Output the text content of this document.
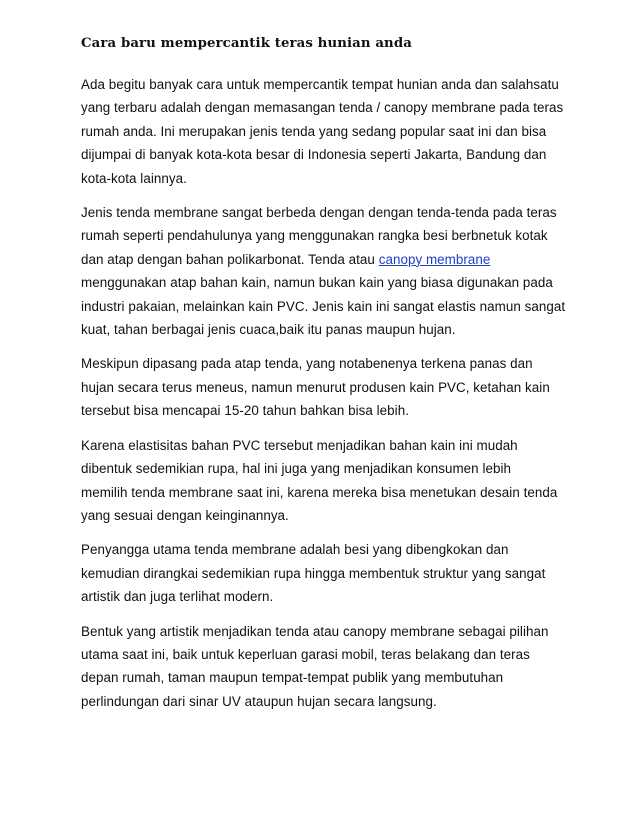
Cara baru mempercantik teras hunian anda
Ada begitu banyak cara untuk mempercantik tempat hunian anda dan salahsatu
yang terbaru adalah dengan memasangan tenda / canopy membrane pada teras
rumah anda. Ini merupakan jenis tenda yang sedang popular saat ini dan bisa
dijumpai di banyak kota-kota besar di Indonesia seperti Jakarta, Bandung dan
kota-kota lainnya.
Jenis tenda membrane sangat berbeda dengan dengan tenda-tenda pada teras
rumah seperti pendahulunya yang menggunakan rangka besi berbnetuk kotak
dan atap dengan bahan polikarbonat. Tenda atau canopy membrane
menggunakan atap bahan kain, namun bukan kain yang biasa digunakan pada
industri pakaian, melainkan kain PVC. Jenis kain ini sangat elastis namun sangat
kuat, tahan berbagai jenis cuaca,baik itu panas maupun hujan.
Meskipun dipasang pada atap tenda, yang notabenenya terkena panas dan
hujan secara terus meneus, namun menurut produsen kain PVC, ketahan kain
tersebut bisa mencapai 15-20 tahun bahkan bisa lebih.
Karena elastisitas bahan PVC tersebut menjadikan bahan kain ini mudah
dibentuk sedemikian rupa, hal ini juga yang menjadikan konsumen lebih
memilih tenda membrane saat ini, karena mereka bisa menetukan desain tenda
yang sesuai dengan keinginannya.
Penyangga utama tenda membrane adalah besi yang dibengkokan dan
kemudian dirangkai sedemikian rupa hingga membentuk struktur yang sangat
artistik dan juga terlihat modern.
Bentuk yang artistik menjadikan tenda atau canopy membrane sebagai pilihan
utama saat ini, baik untuk keperluan garasi mobil, teras belakang dan teras
depan rumah, taman maupun tempat-tempat publik yang membutuhan
perlindungan dari sinar UV ataupun hujan secara langsung.
